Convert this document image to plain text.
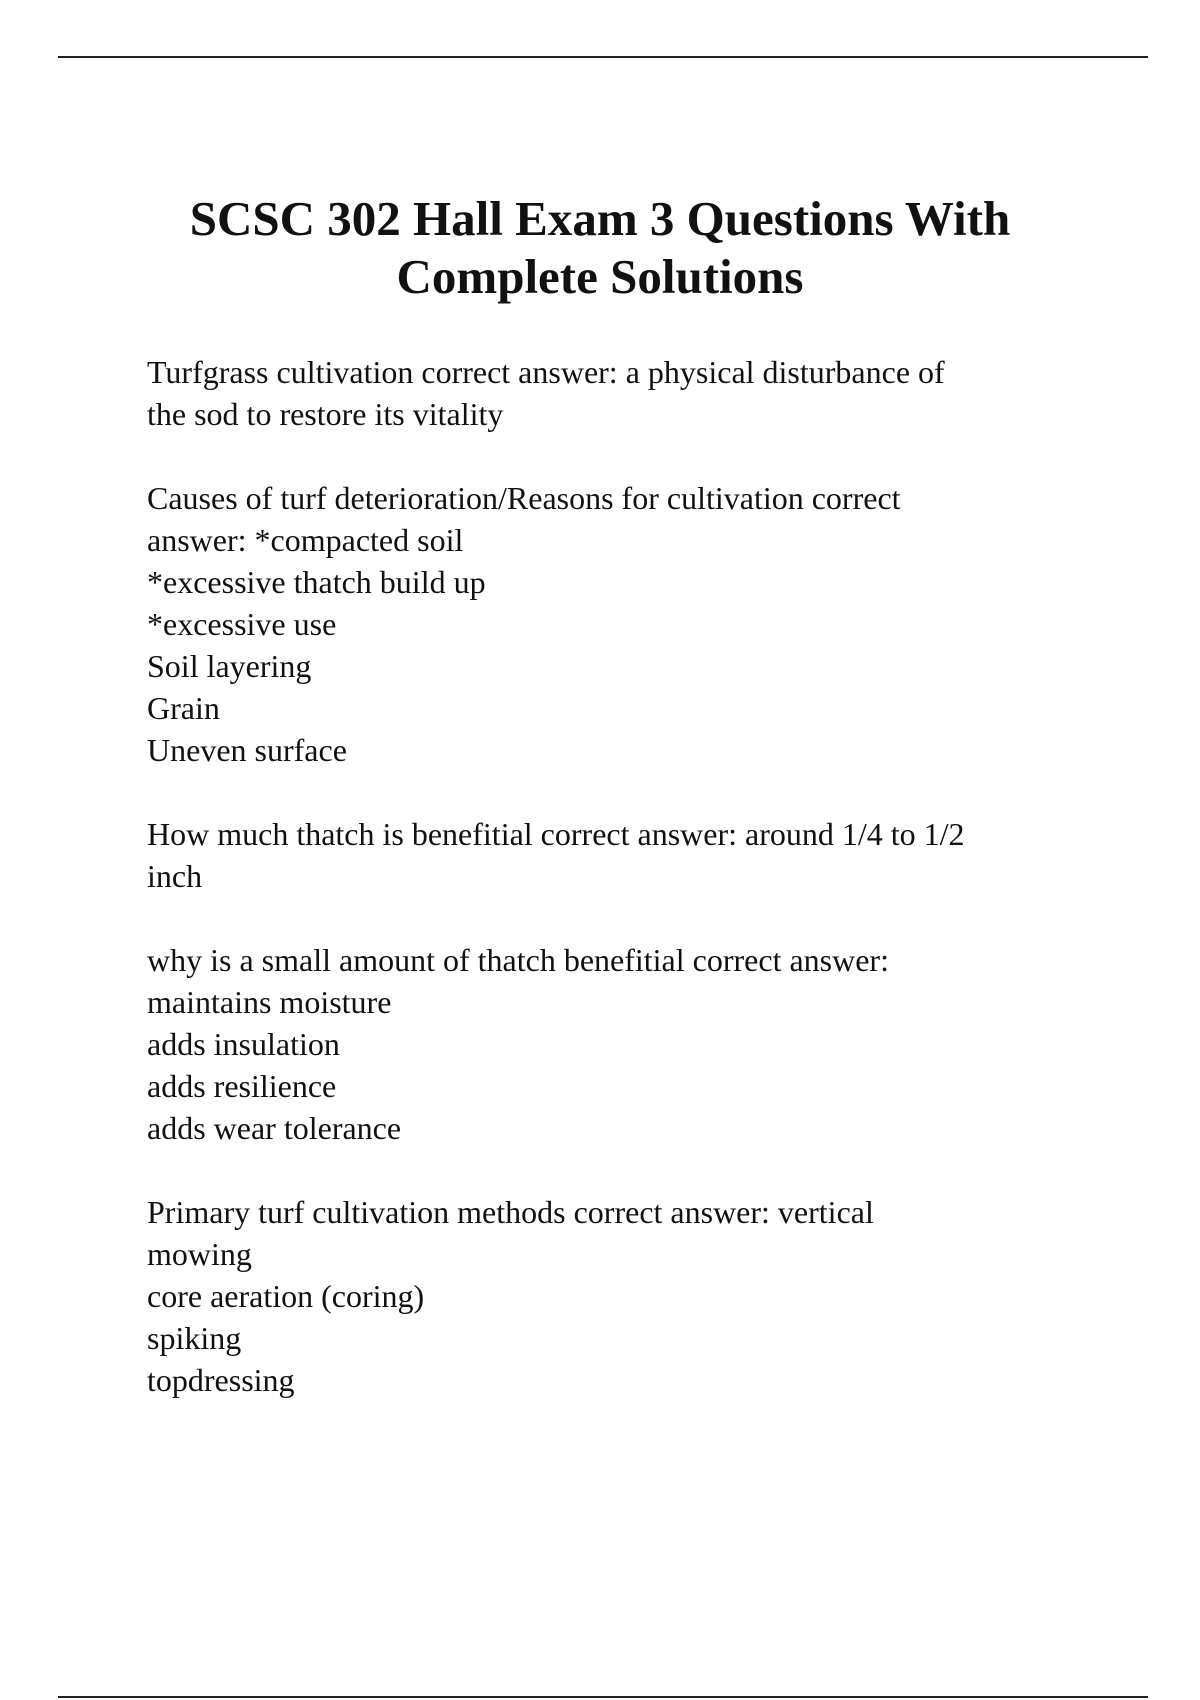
SCSC 302 Hall Exam 3 Questions With
Complete Solutions
Turfgrass cultivation correct answer: a physical disturbance of
the sod to restore its vitality
Causes of turf deterioration/Reasons for cultivation correct
answer: *compacted soil
*excessive thatch build up
*excessive use
Soil layering
Grain
Uneven surface
How much thatch is benefitial correct answer: around 1/4 to 1/2
inch
why is a small amount of thatch benefitial correct answer:
maintains moisture
adds insulation
adds resilience
adds wear tolerance
Primary turf cultivation methods correct answer: vertical
mowing
core aeration (coring)
spiking
topdressing
